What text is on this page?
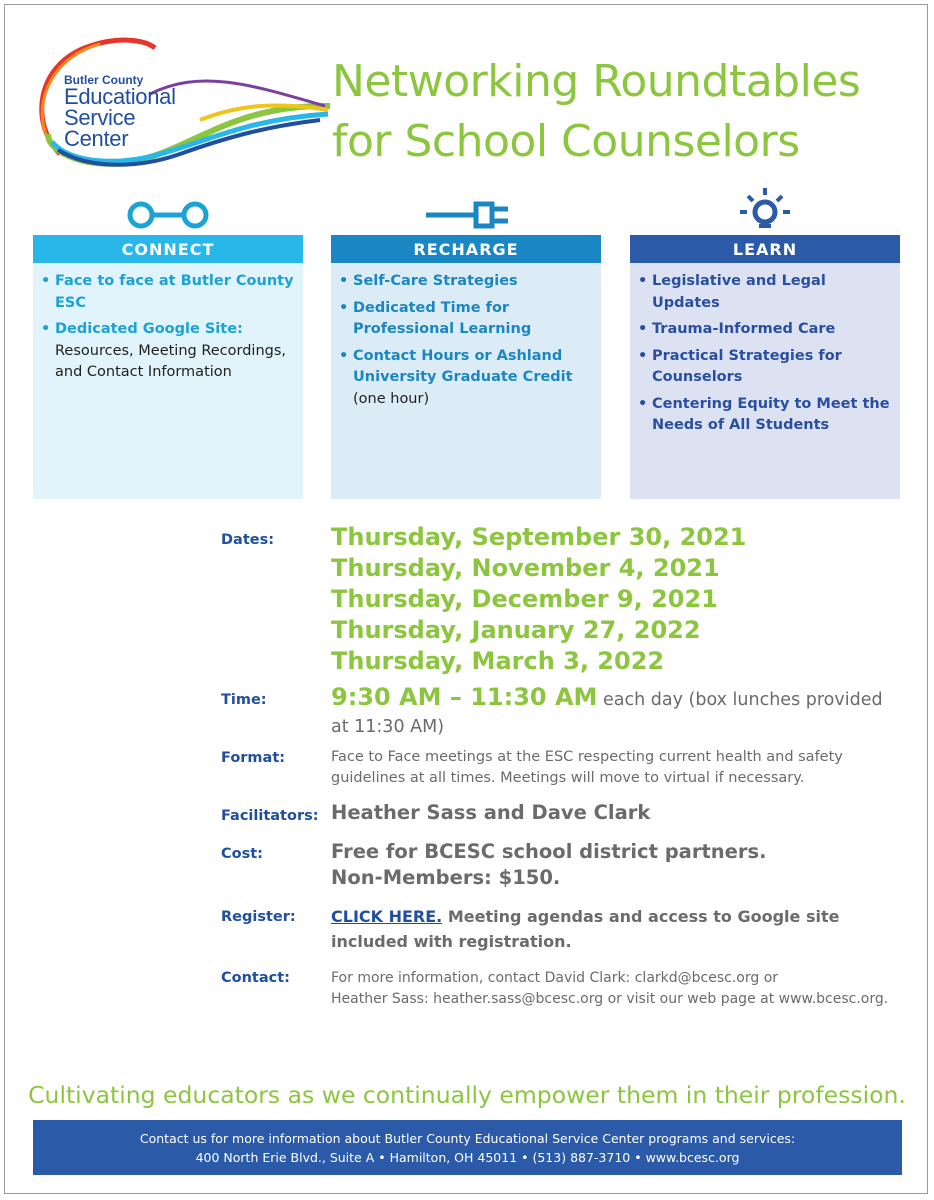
Butler County
Educational
Service
Center
Networking Roundtables
for School Counselors
CONNECT
• Face to face at Butler County ESC
• Dedicated Google Site:
Resources, Meeting Recordings, and Contact Information
RECHARGE
• Self-Care Strategies
• Dedicated Time for Professional Learning
• Contact Hours or Ashland University Graduate Credit
(one hour)
LEARN
• Legislative and Legal Updates
• Trauma-Informed Care
• Practical Strategies for Counselors
• Centering Equity to Meet the Needs of All Students
Dates: Thursday, September 30, 2021
Thursday, November 4, 2021
Thursday, December 9, 2021
Thursday, January 27, 2022
Thursday, March 3, 2022
Time:	9:30 AM – 11:30 AM each day (box lunches provided at 11:30 AM)
Format:	Face to Face meetings at the ESC respecting current health and safety guidelines at all times. Meetings will move to virtual if necessary.
Facilitators: Heather Sass and Dave Clark
Cost:	Free for BCESC school district partners.
Non-Members: $150.
Register: CLICK HERE. Meeting agendas and access to Google site included with registration.
Contact:	For more information, contact David Clark: clarkd@bcesc.org or
Heather Sass: heather.sass@bcesc.org or visit our web page at www.bcesc.org.
Cultivating educators as we continually empower them in their profession.
Contact us for more information about Butler County Educational Service Center programs and services:
400 North Erie Blvd., Suite A • Hamilton, OH 45011 • (513) 887-3710 • www.bcesc.org
